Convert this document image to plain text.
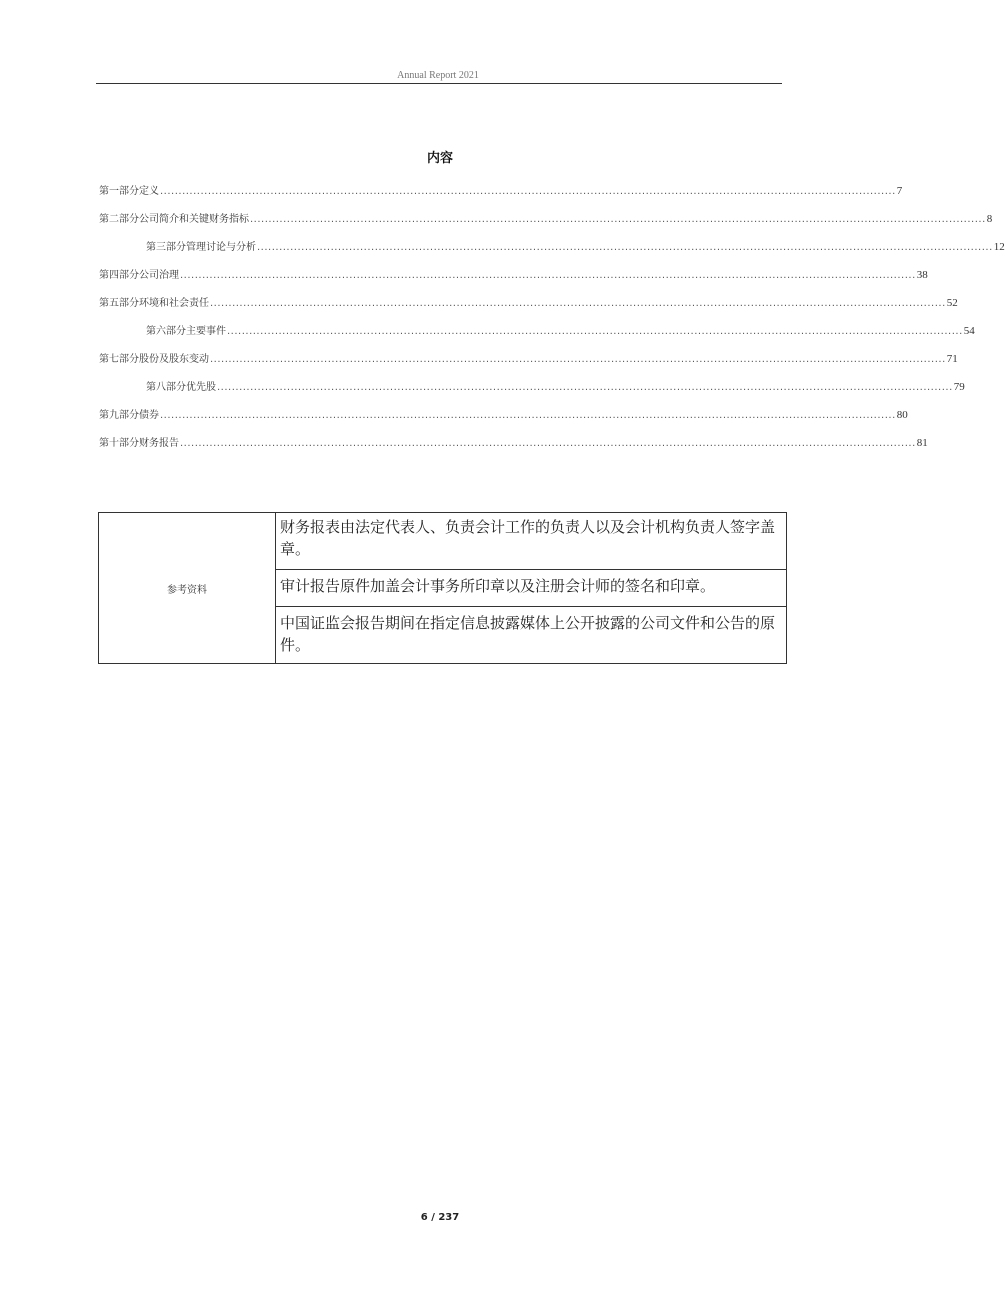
Annual Report 2021
内容
第一部分 定义 ........................................................................................................................................................................................................ 7
第二部分 公司简介和关键财务指标 ........................................................................................................................................................................................................ 8
第三部分 管理讨论与分析 ........................................................................................................................................................................................................ 12
第四部分 公司治理 ........................................................................................................................................................................................................ 38
第五部分 环境和社会责任 ........................................................................................................................................................................................................ 52
第六部分 主要事件 ........................................................................................................................................................................................................ 54
第七部分 股份及股东变动 ........................................................................................................................................................................................................ 71
第八部分 优先股 ........................................................................................................................................................................................................ 79
第九部分 债券 ........................................................................................................................................................................................................ 80
第十部分 财务报告 ........................................................................................................................................................................................................ 81
参考资料
财务报表由法定代表人、负责会计工作的负责人以及会计机构负责人签字盖章。
审计报告原件加盖会计事务所印章以及注册会计师的签名和印章。
中国证监会报告期间在指定信息披露媒体上公开披露的公司文件和公告的原件。
6 / 237
